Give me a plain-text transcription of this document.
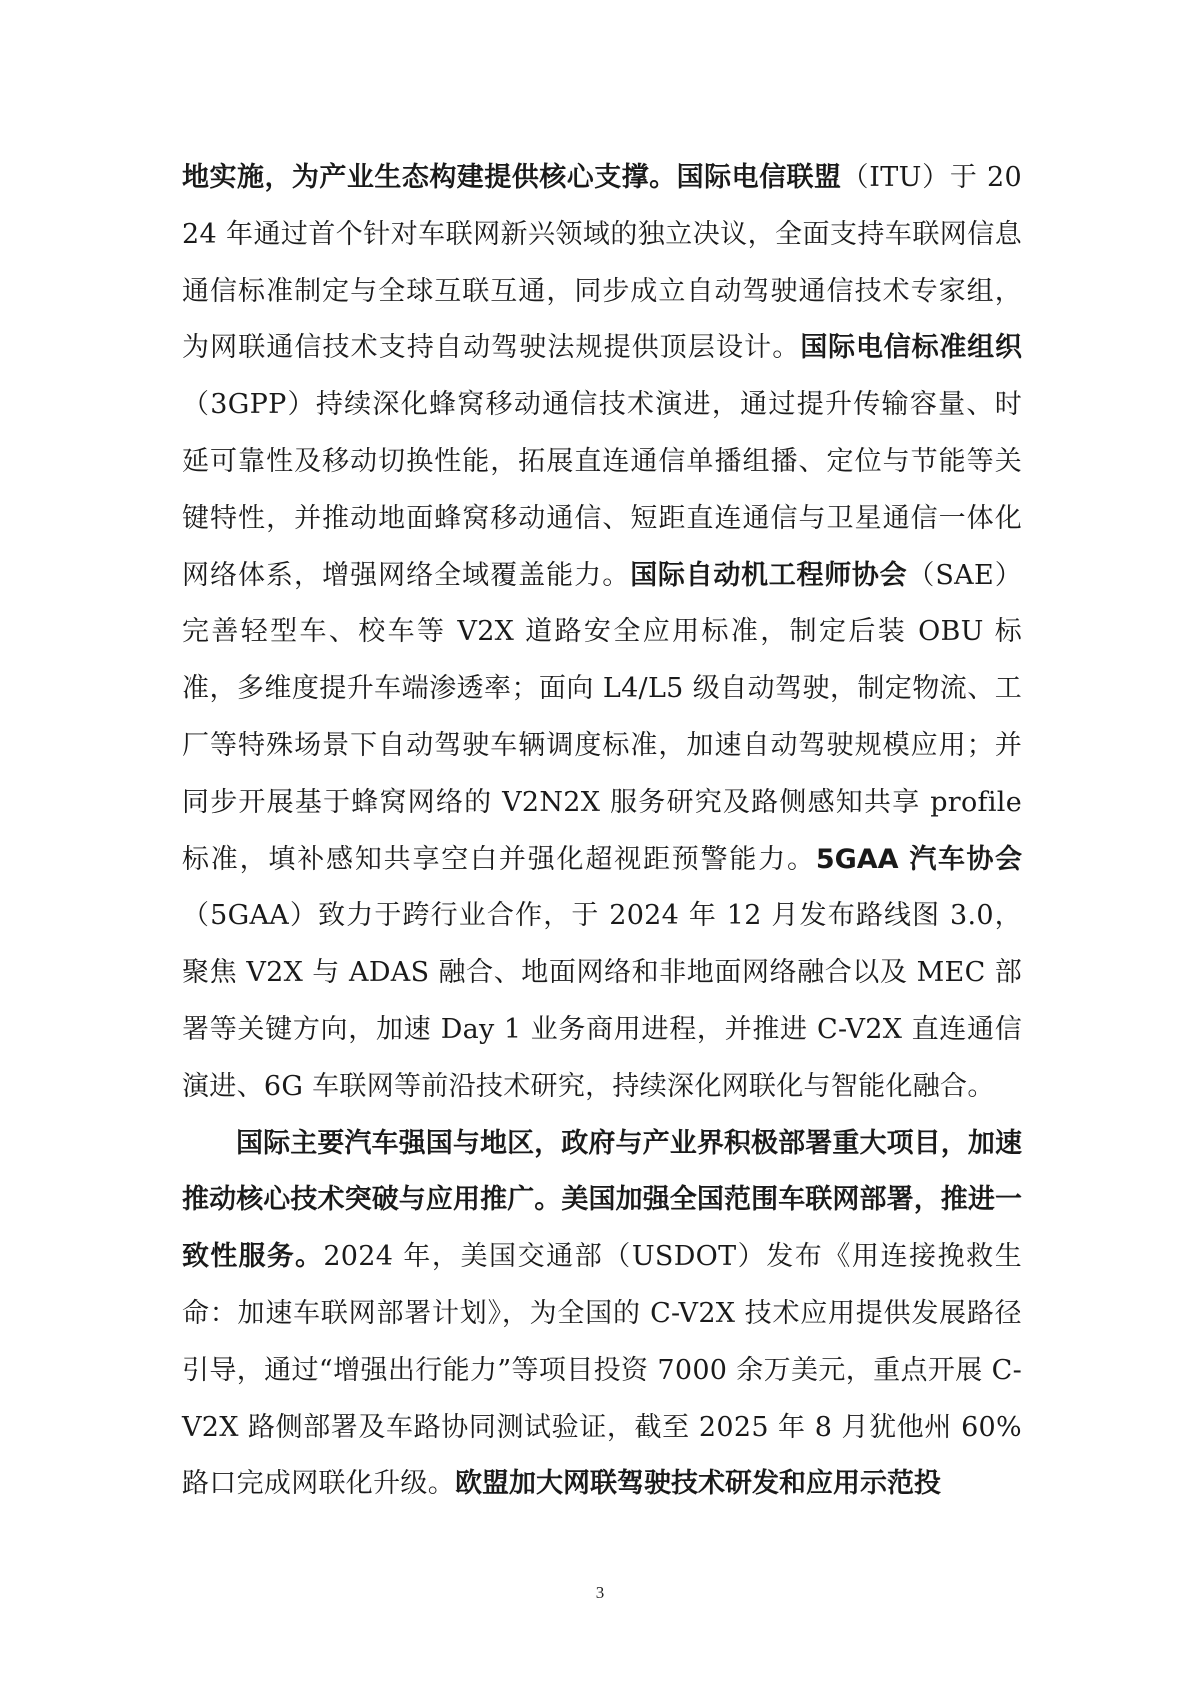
地实施，为产业生态构建提供核心支撑。国际电信联盟（ITU）于 2024 年通过首个针对车联网新兴领域的独立决议，全面支持车联网信息通信标准制定与全球互联互通，同步成立自动驾驶通信技术专家组，为网联通信技术支持自动驾驶法规提供顶层设计。国际电信标准组织（3GPP）持续深化蜂窝移动通信技术演进，通过提升传输容量、时延可靠性及移动切换性能，拓展直连通信单播组播、定位与节能等关键特性，并推动地面蜂窝移动通信、短距直连通信与卫星通信一体化网络体系，增强网络全域覆盖能力。国际自动机工程师协会（SAE）完善轻型车、校车等 V2X 道路安全应用标准，制定后装 OBU 标准，多维度提升车端渗透率；面向 L4/L5 级自动驾驶，制定物流、工厂等特殊场景下自动驾驶车辆调度标准，加速自动驾驶规模应用；并同步开展基于蜂窝网络的 V2N2X 服务研究及路侧感知共享 profile 标准，填补感知共享空白并强化超视距预警能力。5GAA 汽车协会（5GAA）致力于跨行业合作，于 2024 年 12 月发布路线图 3.0，聚焦 V2X 与 ADAS 融合、地面网络和非地面网络融合以及 MEC 部署等关键方向，加速 Day 1 业务商用进程，并推进 C-V2X 直连通信演进、6G 车联网等前沿技术研究，持续深化网联化与智能化融合。

国际主要汽车强国与地区，政府与产业界积极部署重大项目，加速推动核心技术突破与应用推广。美国加强全国范围车联网部署，推进一致性服务。2024 年，美国交通部（USDOT）发布《用连接挽救生命：加速车联网部署计划》，为全国的 C-V2X 技术应用提供发展路径引导，通过“增强出行能力”等项目投资 7000 余万美元，重点开展 C-V2X 路侧部署及车路协同测试验证，截至 2025 年 8 月犹他州 60%路口完成网联化升级。欧盟加大网联驾驶技术研发和应用示范投

3
